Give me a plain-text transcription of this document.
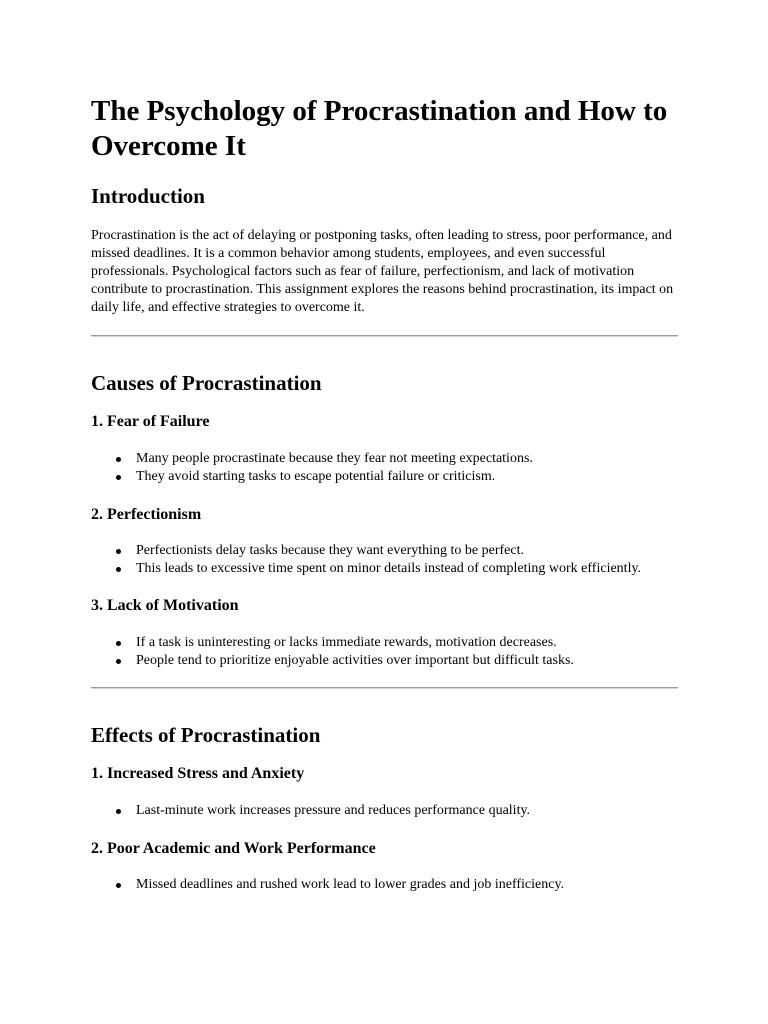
The Psychology of Procrastination and How to Overcome It
Introduction

Procrastination is the act of delaying or postponing tasks, often leading to stress, poor performance, and missed deadlines. It is a common behavior among students, employees, and even successful professionals. Psychological factors such as fear of failure, perfectionism, and lack of motivation contribute to procrastination. This assignment explores the reasons behind procrastination, its impact on daily life, and effective strategies to overcome it.

Causes of Procrastination
1. Fear of Failure
Many people procrastinate because they fear not meeting expectations.
They avoid starting tasks to escape potential failure or criticism.
2. Perfectionism
Perfectionists delay tasks because they want everything to be perfect.
This leads to excessive time spent on minor details instead of completing work efficiently.
3. Lack of Motivation
If a task is uninteresting or lacks immediate rewards, motivation decreases.
People tend to prioritize enjoyable activities over important but difficult tasks.
Effects of Procrastination
1. Increased Stress and Anxiety
Last-minute work increases pressure and reduces performance quality.
2. Poor Academic and Work Performance
Missed deadlines and rushed work lead to lower grades and job inefficiency.
